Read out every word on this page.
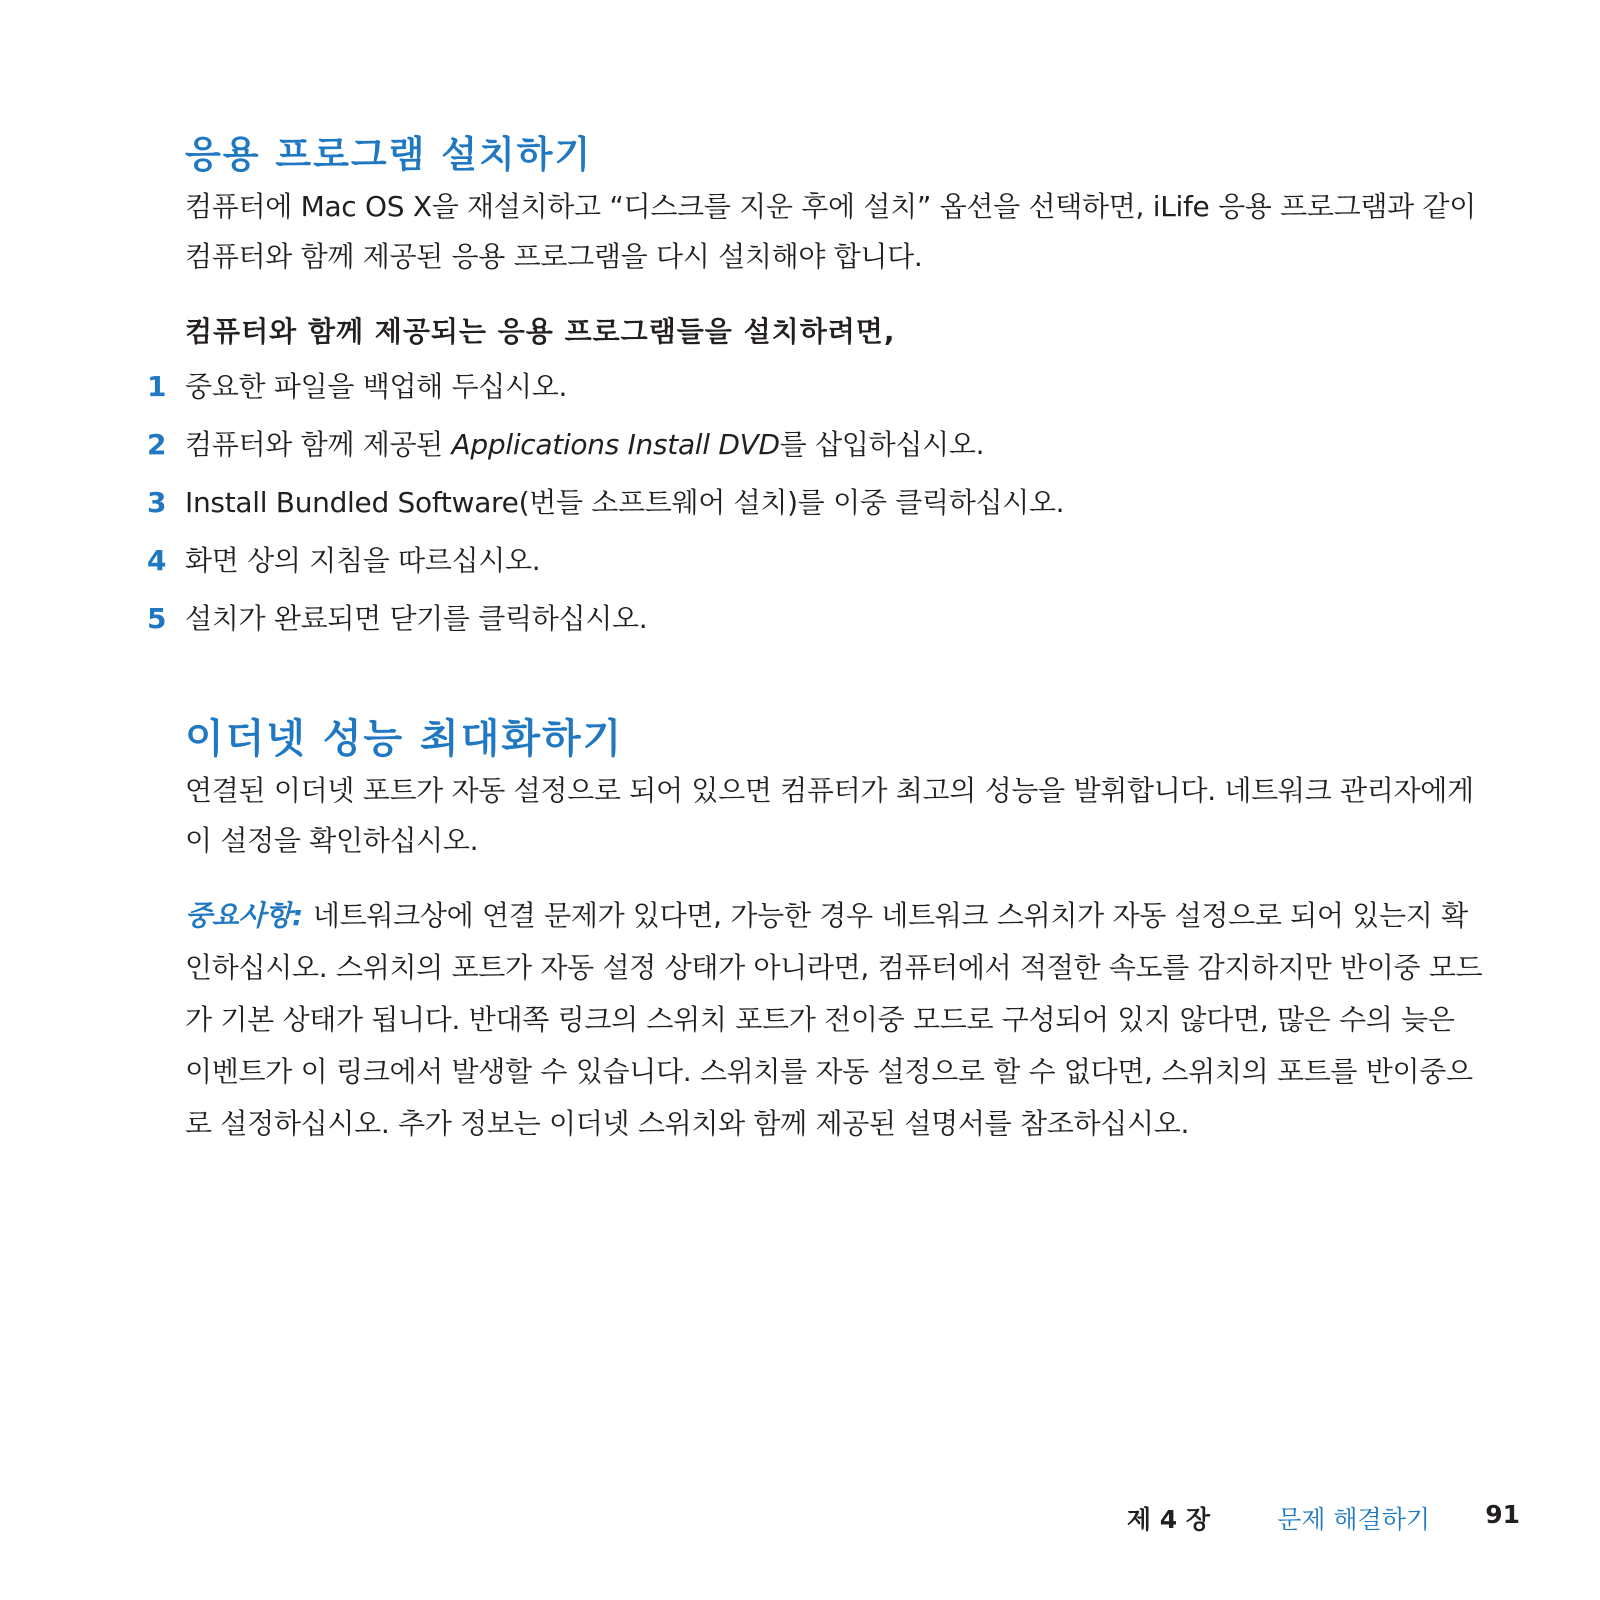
응용 프로그램 설치하기

컴퓨터에 Mac OS X을 재설치하고 “디스크를 지운 후에 설치” 옵션을 선택하면, iLife 응용 프로그램과 같이 컴퓨터와 함께 제공된 응용 프로그램을 다시 설치해야 합니다.

컴퓨터와 함께 제공되는 응용 프로그램들을 설치하려면,

1 중요한 파일을 백업해 두십시오.
2 컴퓨터와 함께 제공된 Applications Install DVD를 삽입하십시오.
3 Install Bundled Software(번들 소프트웨어 설치)를 이중 클릭하십시오.
4 화면 상의 지침을 따르십시오.
5 설치가 완료되면 닫기를 클릭하십시오.
이더넷 성능 최대화하기

연결된 이더넷 포트가 자동 설정으로 되어 있으면 컴퓨터가 최고의 성능을 발휘합니다. 네트워크 관리자에게 이 설정을 확인하십시오.

중요사항: 네트워크상에 연결 문제가 있다면, 가능한 경우 네트워크 스위치가 자동 설정으로 되어 있는지 확인하십시오. 스위치의 포트가 자동 설정 상태가 아니라면, 컴퓨터에서 적절한 속도를 감지하지만 반이중 모드가 기본 상태가 됩니다. 반대쪽 링크의 스위치 포트가 전이중 모드로 구성되어 있지 않다면, 많은 수의 늦은 이벤트가 이 링크에서 발생할 수 있습니다. 스위치를 자동 설정으로 할 수 없다면, 스위치의 포트를 반이중으로 설정하십시오. 추가 정보는 이더넷 스위치와 함께 제공된 설명서를 참조하십시오.

제 4 장	문제 해결하기 91
